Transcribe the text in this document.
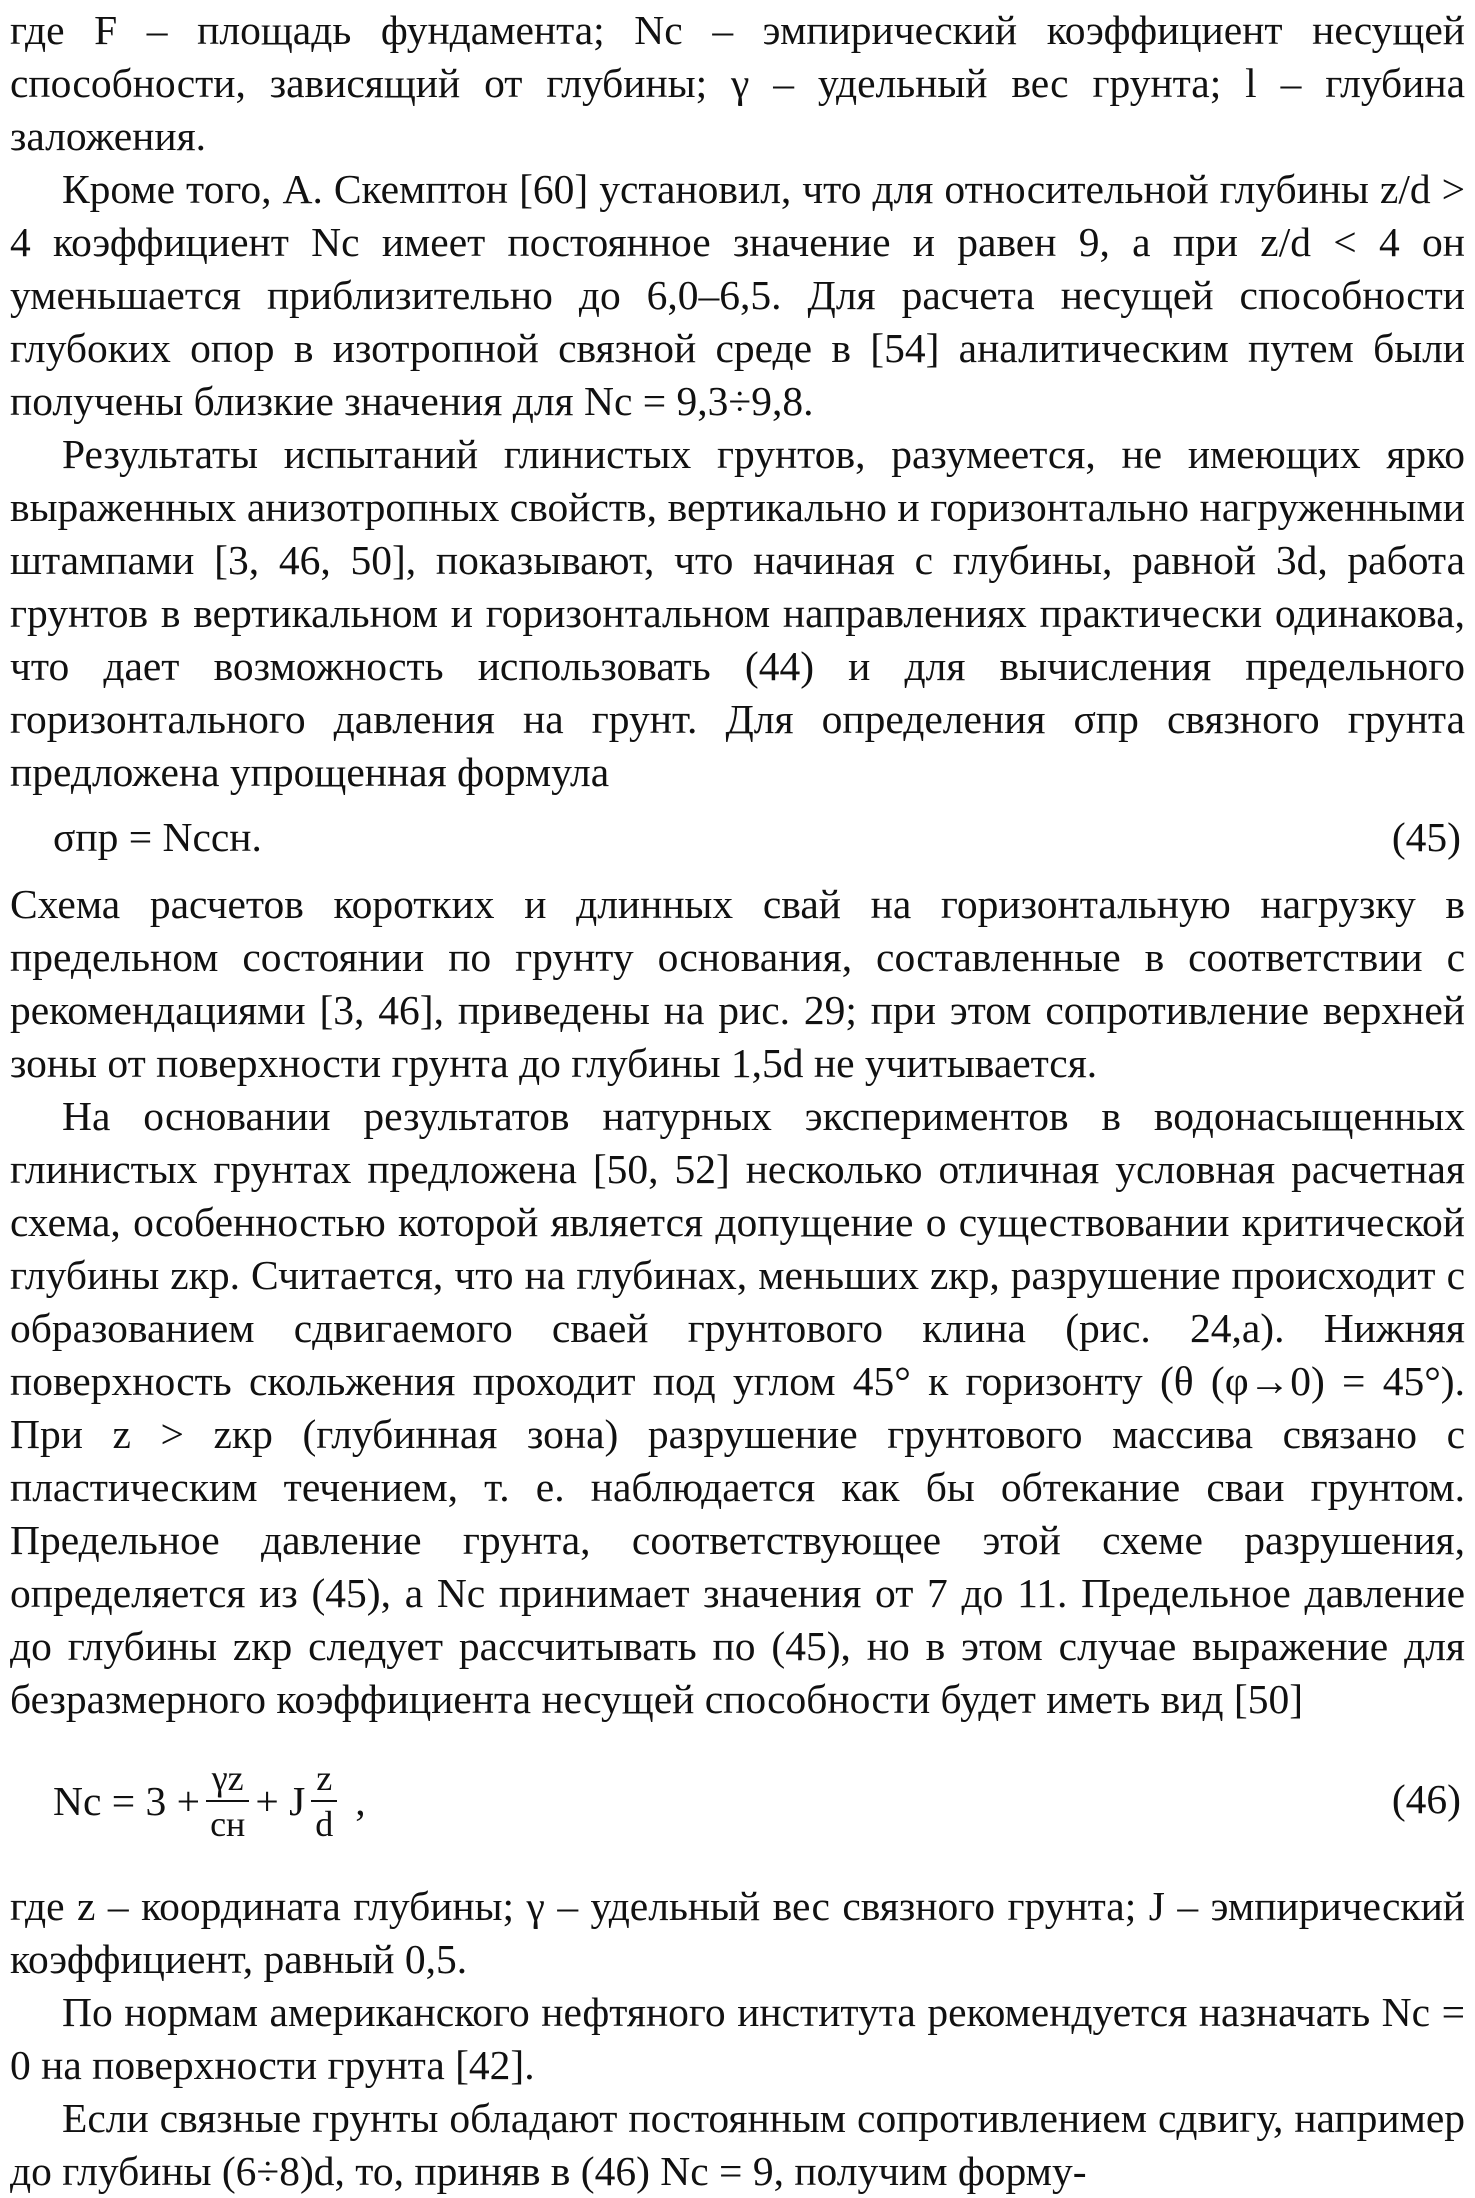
где F – площадь фундамента; Nс – эмпирический коэффициент несущей способности, зависящий от глубины; γ – удельный вес грунта; l – глубина заложения.

Кроме того, А. Скемптон [60] установил, что для относительной глубины z/d > 4 коэффициент Nс имеет постоянное значение и равен 9, а при z/d < 4 он уменьшается приблизительно до 6,0–6,5. Для расчета несущей способности глубоких опор в изотропной связной среде в [54] аналитическим путем были получены близкие значения для Nс = 9,3÷9,8.

Результаты испытаний глинистых грунтов, разумеется, не имеющих ярко выраженных анизотропных свойств, вертикально и горизонтально нагруженными штампами [3, 46, 50], показывают, что начиная с глубины, равной 3d, работа грунтов в вертикальном и горизонтальном направлениях практически одинакова, что дает возможность использовать (44) и для вычисления предельного горизонтального давления на грунт. Для определения σпр связного грунта предложена упрощенная формула

σпр = Nсcн.	(45)

Схема расчетов коротких и длинных свай на горизонтальную нагрузку в предельном состоянии по грунту основания, составленные в соответствии с рекомендациями [3, 46], приведены на рис. 29; при этом сопротивление верхней зоны от поверхности грунта до глубины 1,5d не учитывается.

На основании результатов натурных экспериментов в водонасыщенных глинистых грунтах предложена [50, 52] несколько отличная условная расчетная схема, особенностью которой является допущение о существовании критической глубины zкр. Считается, что на глубинах, меньших zкр, разрушение происходит с образованием сдвигаемого сваей грунтового клина (рис. 24,а). Нижняя поверхность скольжения проходит под углом 45° к горизонту (θ (φ→0) = 45°). При z > zкр (глубинная зона) разрушение грунтового массива связано с пластическим течением, т. е. наблюдается как бы обтекание сваи грунтом. Предельное давление грунта, соответствующее этой схеме разрушения, определяется из (45), а Nс принимает значения от 7 до 11. Предельное давление до глубины zкр следует рассчитывать по (45), но в этом случае выражение для безразмерного коэффициента несущей способности будет иметь вид [50]

Nс = $3 + \frac{\gamma z}{cн} + J \frac{z}{d}$ ,	(46)

где z – координата глубины; γ – удельный вес связного грунта; J – эмпирический коэффициент, равный 0,5.

По нормам американского нефтяного института рекомендуется назначать Nс = 0 на поверхности грунта [42].

Если связные грунты обладают постоянным сопротивлением сдвигу, например до глубины (6÷8)d, то, приняв в (46) Nс = 9, получим форму-
